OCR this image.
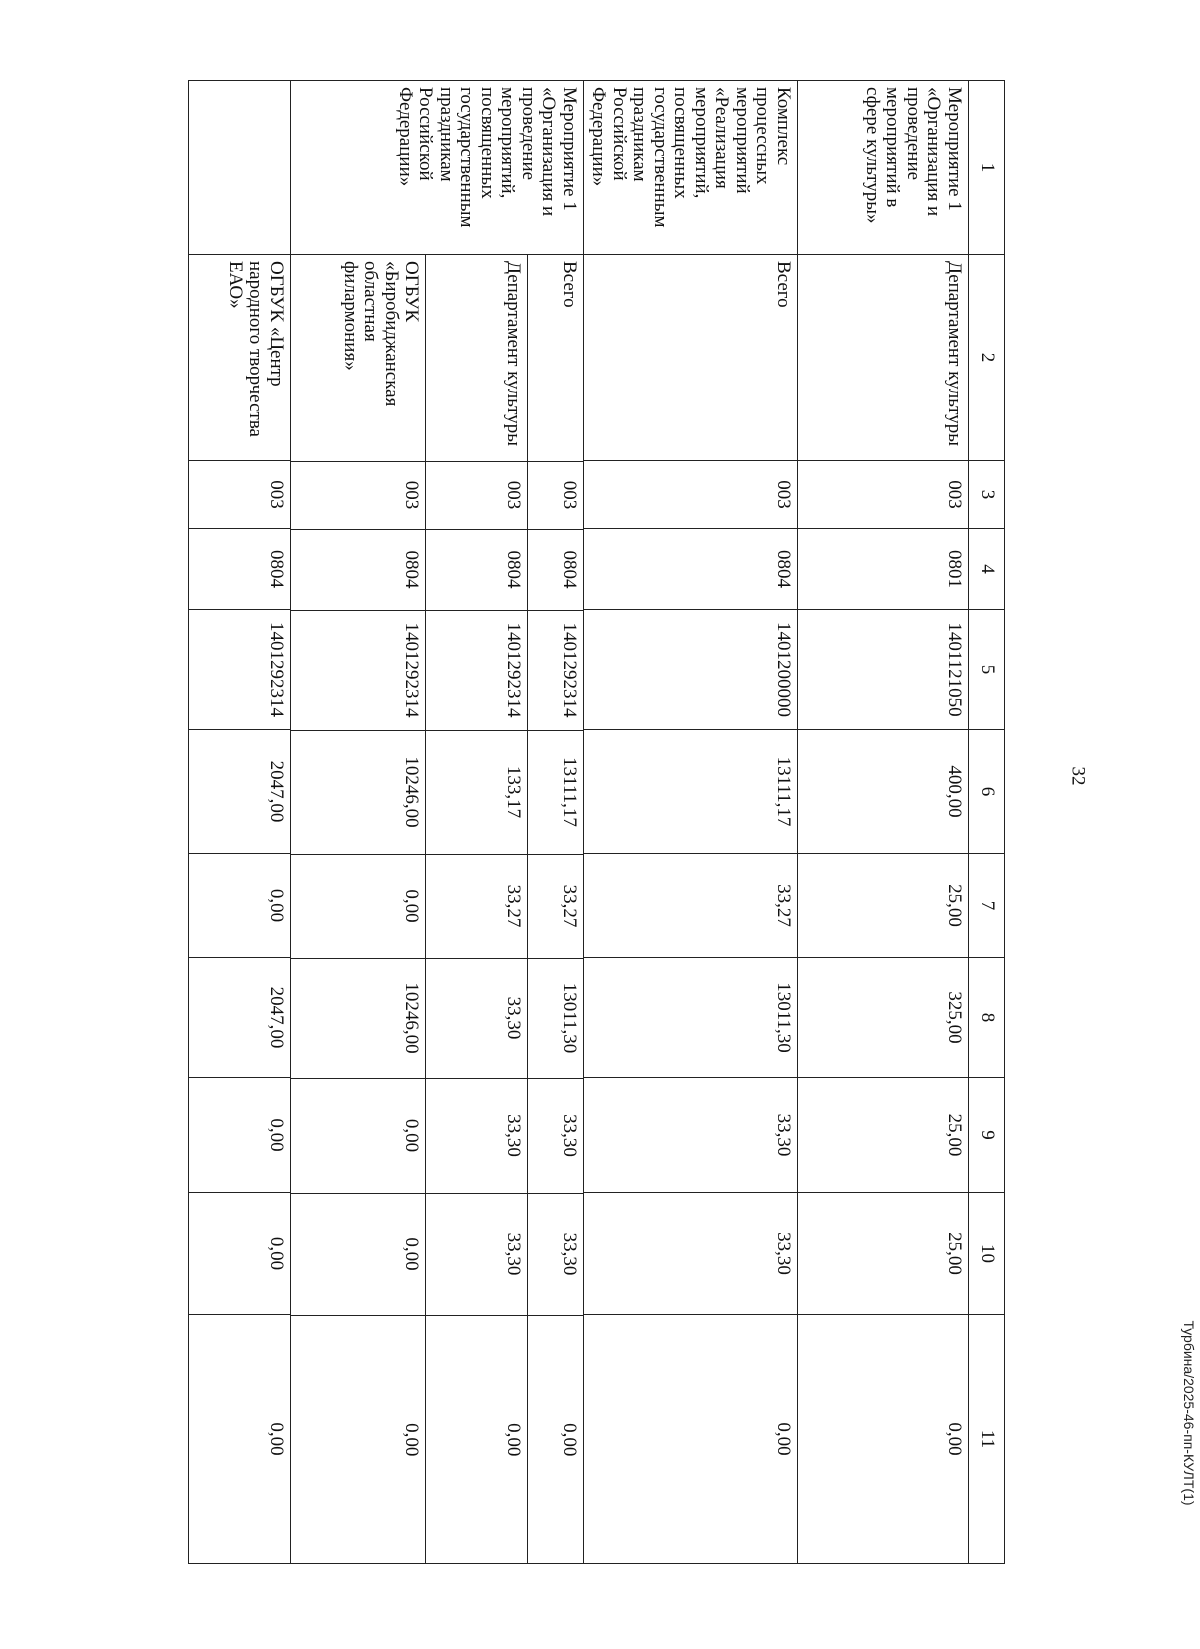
32
1	2	3	4	5	6	7	8	9	10	11
Мероприятие 1 «Организация и проведение мероприятий в сфере культуры»	Департамент культуры	003	0801	1401121050	400,00	25,00	325,00	25,00	25,00	0,00
Комплекс процессных мероприятий «Реализация мероприятий, посвященных государственным праздникам Российской Федерации»	Всего	003	0804	1401200000	13111,17	33,27	13011,30	33,30	33,30	0,00
Мероприятие 1 «Организация и проведение мероприятий, посвященных государственным праздникам Российской Федерации»	
Всего	003	0804	1401292314	13111,17	33,27	13011,30	33,30	33,30	0,00
Департамент культуры	003	0804	1401292314	133,17	33,27	33,30	33,30	33,30	0,00
ОГБУК «Биробиджанская областная филармония»	003	0804	1401292314	10246,00	0,00	10246,00	0,00	0,00	0,00

	ОГБУК «Центр народного творчества ЕАО»	003	0804	1401292314	2047,00	0,00	2047,00	0,00	0,00	0,00	Турбина/2025-46-пп-КУЛТ(1)
